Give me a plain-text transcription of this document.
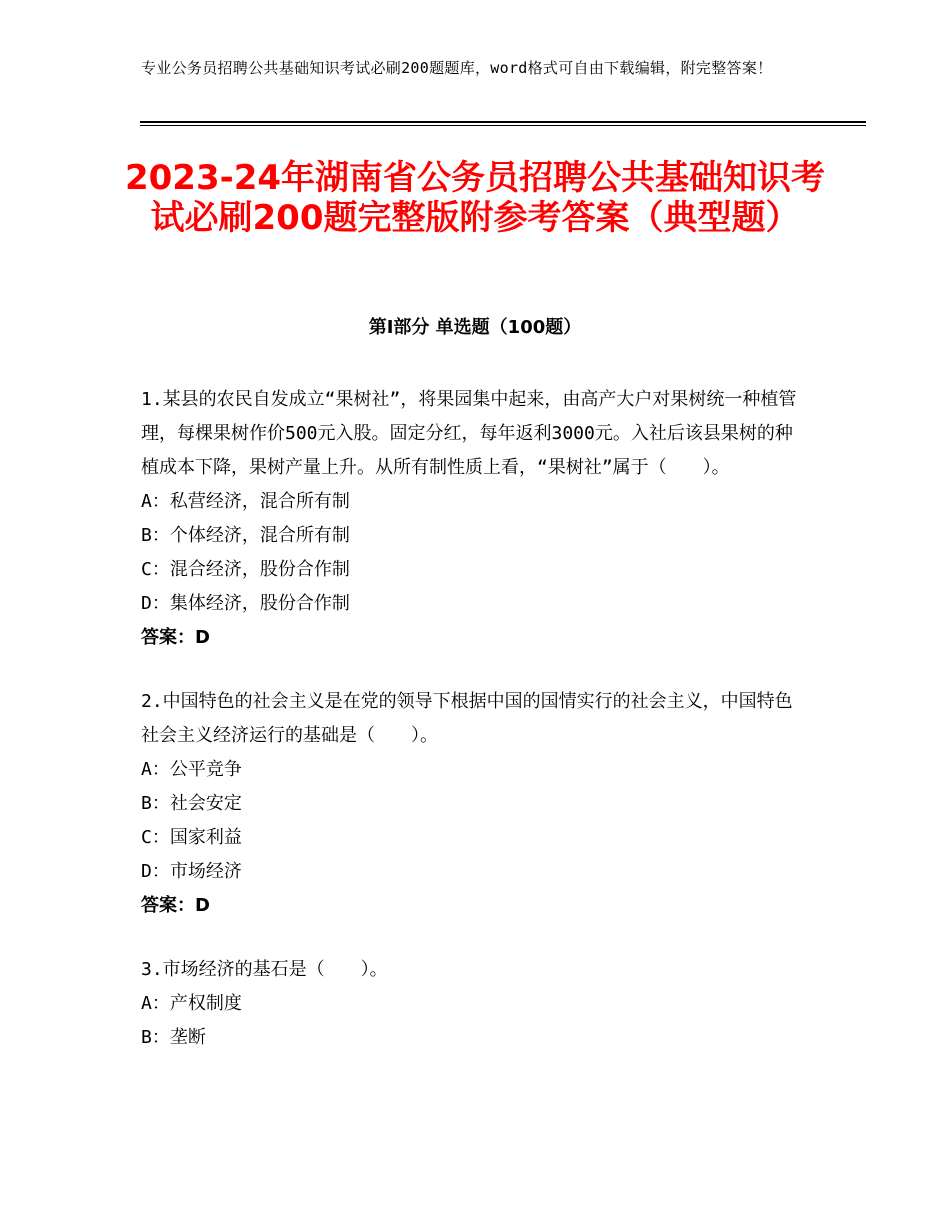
专业公务员招聘公共基础知识考试必刷200题题库，word格式可自由下载编辑，附完整答案！
2023-24年湖南省公务员招聘公共基础知识考试必刷200题完整版附参考答案（典型题）
第Ⅰ部分 单选题（100题）

1.某县的农民自发成立“果树社”，将果园集中起来，由高产大户对果树统一种植管理，每棵果树作价500元入股。固定分红，每年返利3000元。入社后该县果树的种植成本下降，果树产量上升。从所有制性质上看，“果树社”属于（　　）。

A：私营经济，混合所有制

B：个体经济，混合所有制

C：混合经济，股份合作制

D：集体经济，股份合作制

答案：D

2.中国特色的社会主义是在党的领导下根据中国的国情实行的社会主义，中国特色社会主义经济运行的基础是（　　）。

A：公平竞争

B：社会安定

C：国家利益

D：市场经济

答案：D

3.市场经济的基石是（　　）。

A：产权制度

B：垄断
